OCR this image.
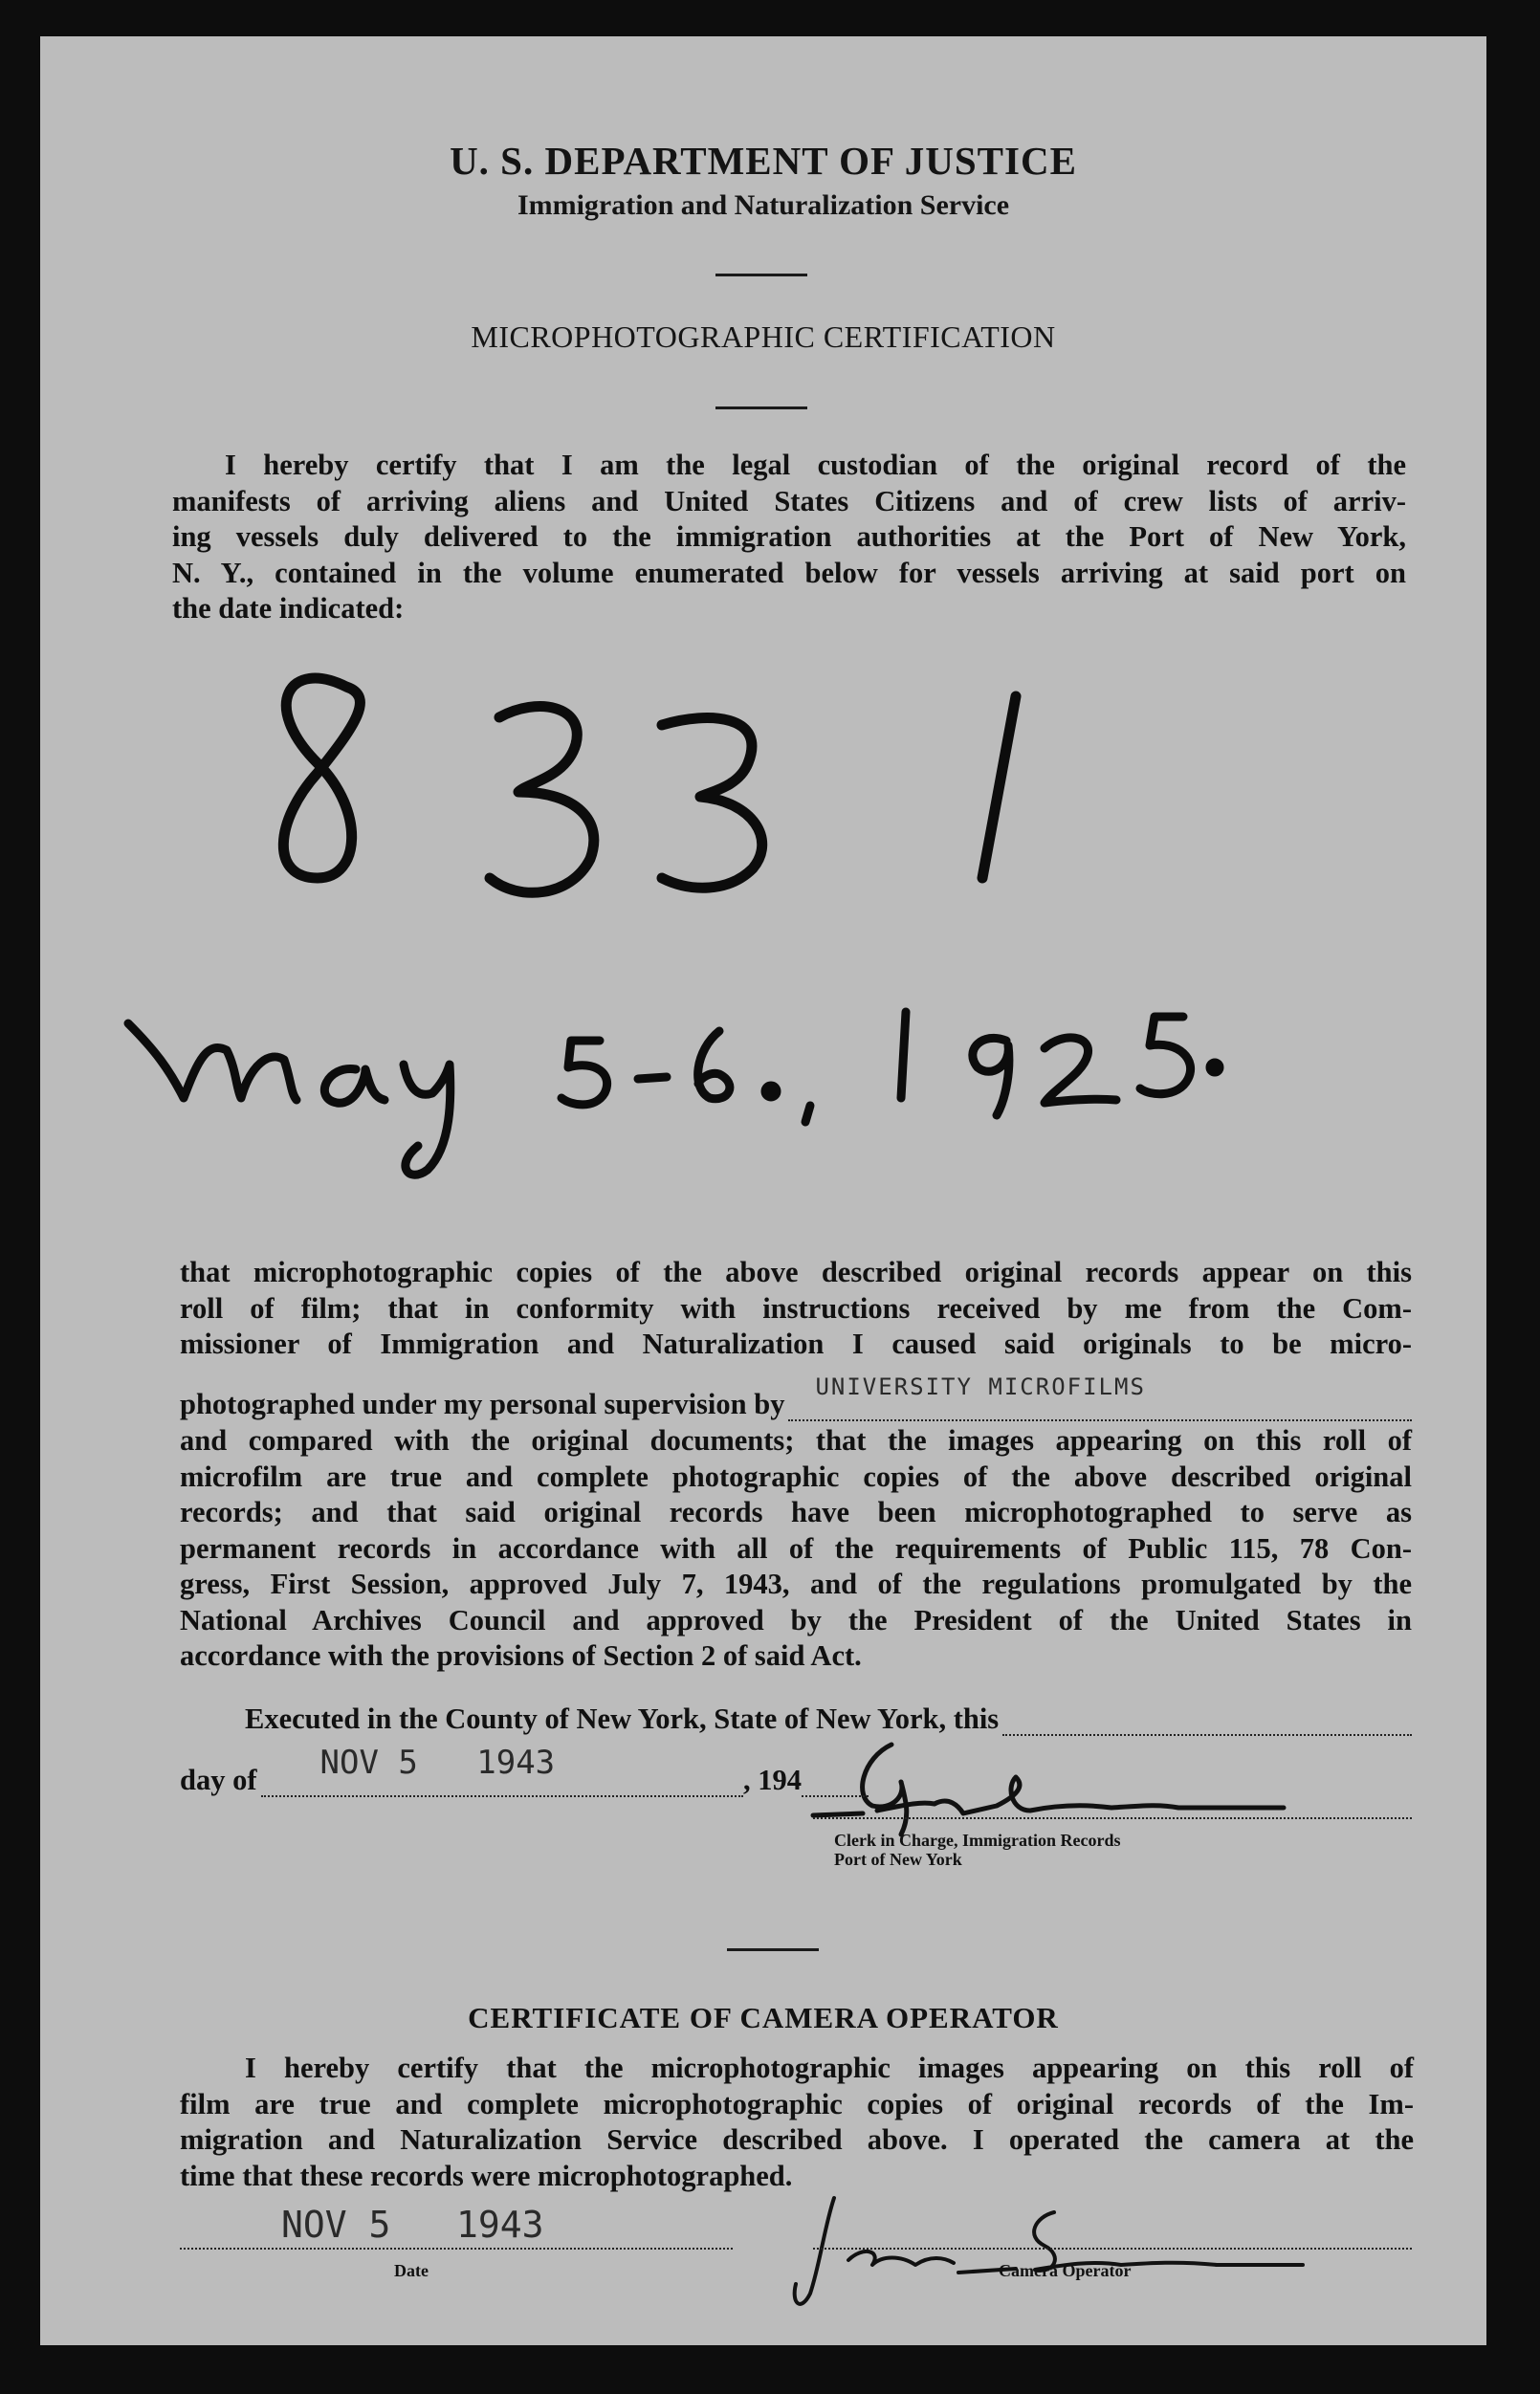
U. S. DEPARTMENT OF JUSTICE
Immigration and Naturalization Service
MICROPHOTOGRAPHIC CERTIFICATION
I hereby certify that I am the legal custodian of the original record of the
manifests of arriving aliens and United States Citizens and of crew lists of arriv-
ing vessels duly delivered to the immigration authorities at the Port of New York,
N. Y., contained in the volume enumerated below for vessels arriving at said port on
the date indicated:
that microphotographic copies of the above described original records appear on this
roll of film; that in conformity with instructions received by me from the Com-
missioner of Immigration and Naturalization I caused said originals to be micro-
photographed under my personal supervision by
UNIVERSITY MICROFILMS
and compared with the original documents; that the images appearing on this roll of
microfilm are true and complete photographic copies of the above described original
records; and that said original records have been microphotographed to serve as
permanent records in accordance with all of the requirements of Public 115, 78 Con-
gress, First Session, approved July 7, 1943, and of the regulations promulgated by the
National Archives Council and approved by the President of the United States in
accordance with the provisions of Section 2 of said Act.
Executed in the County of New York, State of New York, this
day of NOV 5   1943	, 194
Clerk in Charge, Immigration Records
Port of New York
CERTIFICATE OF CAMERA OPERATOR
I hereby certify that the microphotographic images appearing on this roll of
film are true and complete microphotographic copies of original records of the Im-
migration and Naturalization Service described above. I operated the camera at the
time that these records were microphotographed.
NOV 5   1943
Date	Camera Operator
